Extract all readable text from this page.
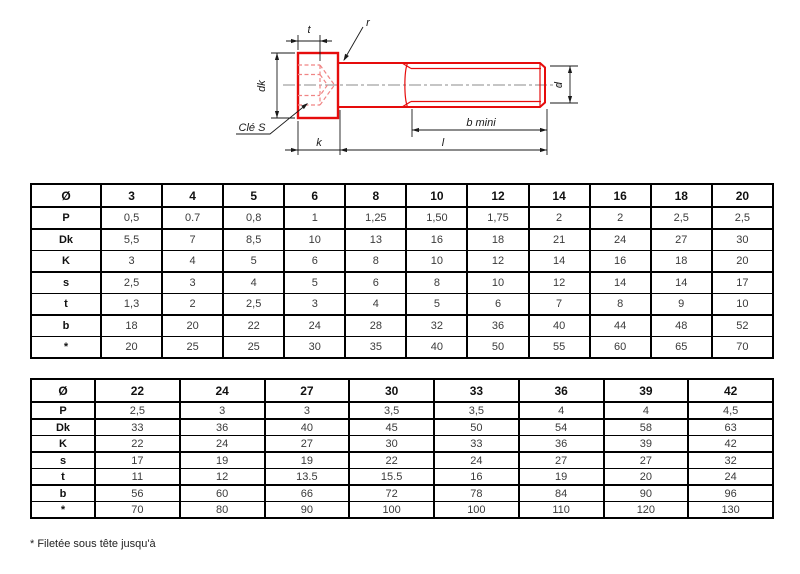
t
r
dk
Clé S	b mini
k	l
d
Ø	3	4	5	6	8	10	12	14	16	18	20
P	0,5	0.7	0,8	1	1,25	1,50	1,75	2	2	2,5	2,5
Dk	5,5	7	8,5	10	13	16	18	21	24	27	30
K	3	4	5	6	8	10	12	14	16	18	20
s	2,5	3	4	5	6	8	10	12	14	14	17
t	1,3	2	2,5	3	4	5	6	7	8	9	10
b	18	20	22	24	28	32	36	40	44	48	52
*	20	25	25	30	35	40	50	55	60	65	70
Ø	22	24	27	30	33	36	39	42
P	2,5	3	3	3,5	3,5	4	4	4,5
Dk	33	36	40	45	50	54	58	63
K	22	24	27	30	33	36	39	42
s	17	19	19	22	24	27	27	32
t	11	12	13.5	15.5	16	19	20	24
b	56	60	66	72	78	84	90	96
*	70	80	90	100	100	110	120	130
* Filetée sous tête jusqu'à
